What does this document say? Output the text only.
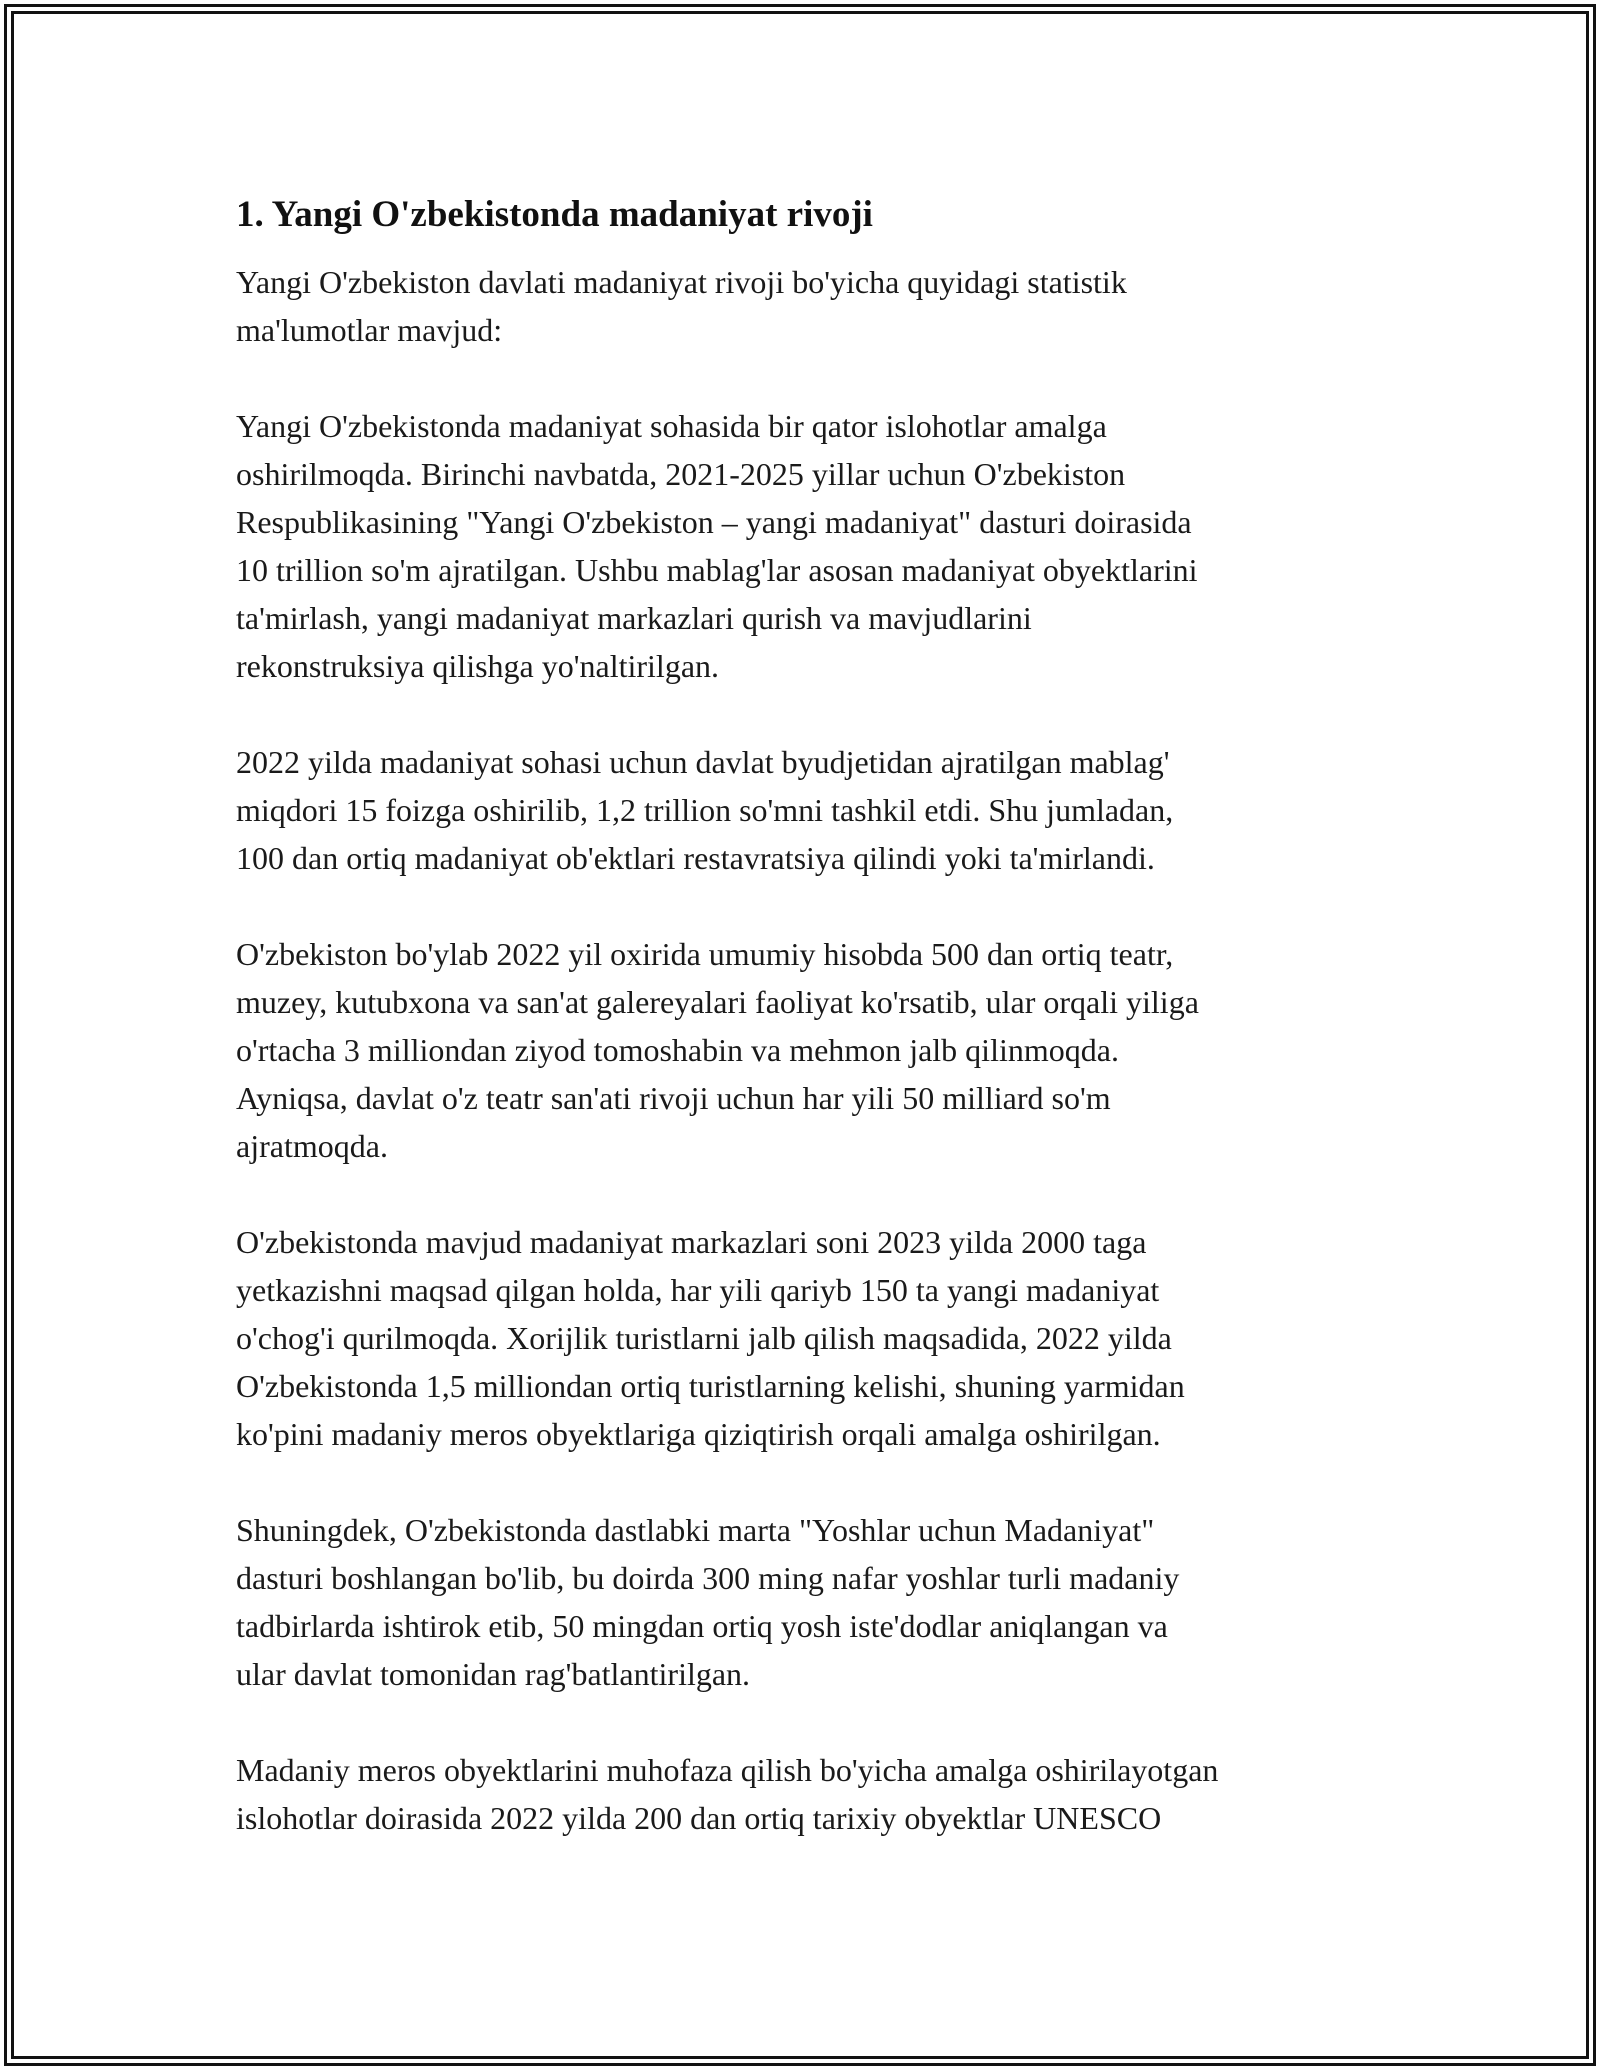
1. Yangi O'zbekistonda madaniyat rivoji
Yangi O'zbekiston davlati madaniyat rivoji bo'yicha quyidagi statistik
ma'lumotlar mavjud:
Yangi O'zbekistonda madaniyat sohasida bir qator islohotlar amalga
oshirilmoqda. Birinchi navbatda, 2021-2025 yillar uchun O'zbekiston
Respublikasining "Yangi O'zbekiston – yangi madaniyat" dasturi doirasida
10 trillion so'm ajratilgan. Ushbu mablag'lar asosan madaniyat obyektlarini
ta'mirlash, yangi madaniyat markazlari qurish va mavjudlarini
rekonstruksiya qilishga yo'naltirilgan.
2022 yilda madaniyat sohasi uchun davlat byudjetidan ajratilgan mablag'
miqdori 15 foizga oshirilib, 1,2 trillion so'mni tashkil etdi. Shu jumladan,
100 dan ortiq madaniyat ob'ektlari restavratsiya qilindi yoki ta'mirlandi.
O'zbekiston bo'ylab 2022 yil oxirida umumiy hisobda 500 dan ortiq teatr,
muzey, kutubxona va san'at galereyalari faoliyat ko'rsatib, ular orqali yiliga
o'rtacha 3 milliondan ziyod tomoshabin va mehmon jalb qilinmoqda.
Ayniqsa, davlat o'z teatr san'ati rivoji uchun har yili 50 milliard so'm
ajratmoqda.
O'zbekistonda mavjud madaniyat markazlari soni 2023 yilda 2000 taga
yetkazishni maqsad qilgan holda, har yili qariyb 150 ta yangi madaniyat
o'chog'i qurilmoqda. Xorijlik turistlarni jalb qilish maqsadida, 2022 yilda
O'zbekistonda 1,5 milliondan ortiq turistlarning kelishi, shuning yarmidan
ko'pini madaniy meros obyektlariga qiziqtirish orqali amalga oshirilgan.
Shuningdek, O'zbekistonda dastlabki marta "Yoshlar uchun Madaniyat"
dasturi boshlangan bo'lib, bu doirda 300 ming nafar yoshlar turli madaniy
tadbirlarda ishtirok etib, 50 mingdan ortiq yosh iste'dodlar aniqlangan va
ular davlat tomonidan rag'batlantirilgan.
Madaniy meros obyektlarini muhofaza qilish bo'yicha amalga oshirilayotgan
islohotlar doirasida 2022 yilda 200 dan ortiq tarixiy obyektlar UNESCO
